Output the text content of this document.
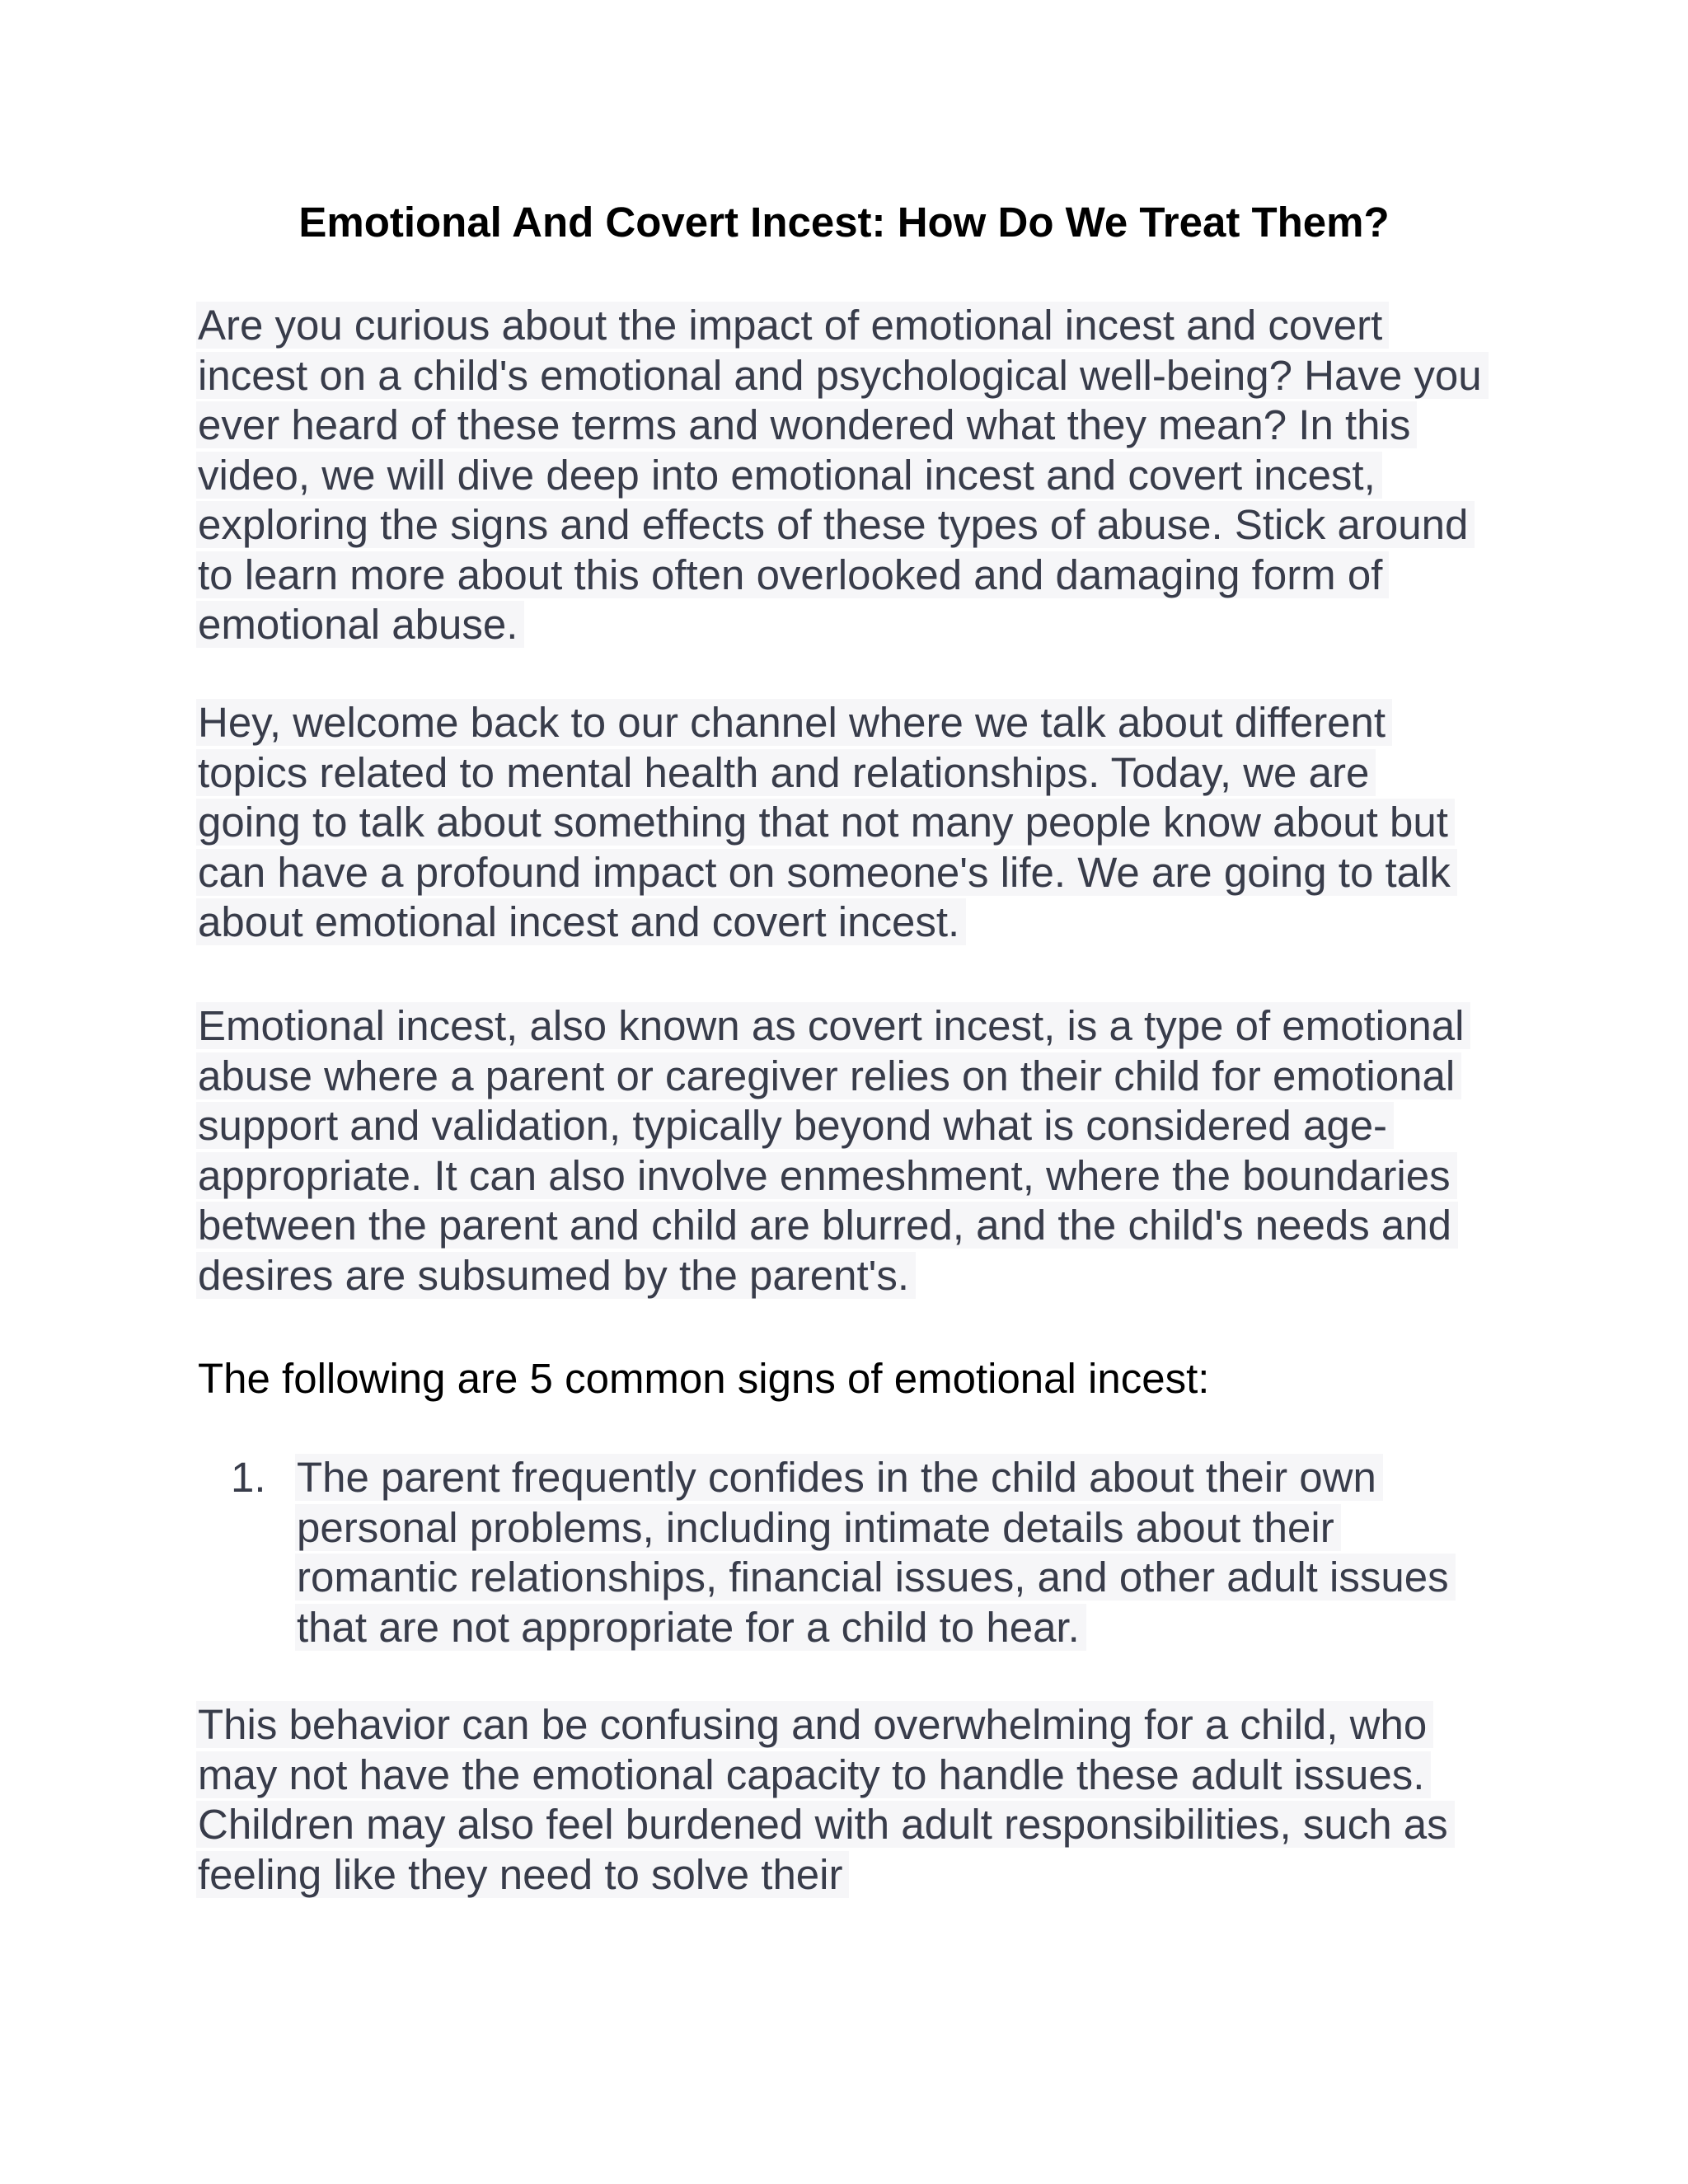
Emotional And Covert Incest: How Do We Treat Them?

Are you curious about the impact of emotional incest and covert incest on a child's emotional and psychological well-being? Have you ever heard of these terms and wondered what they mean? In this video, we will dive deep into emotional incest and covert incest, exploring the signs and effects of these types of abuse. Stick around to learn more about this often overlooked and damaging form of emotional abuse.

Hey, welcome back to our channel where we talk about different topics related to mental health and relationships. Today, we are going to talk about something that not many people know about but can have a profound impact on someone's life. We are going to talk about emotional incest and covert incest.

Emotional incest, also known as covert incest, is a type of emotional abuse where a parent or caregiver relies on their child for emotional support and validation, typically beyond what is considered age-appropriate. It can also involve enmeshment, where the boundaries between the parent and child are blurred, and the child's needs and desires are subsumed by the parent's.

The following are 5 common signs of emotional incest:

1. The parent frequently confides in the child about their own personal problems, including intimate details about their romantic relationships, financial issues, and other adult issues that are not appropriate for a child to hear.

This behavior can be confusing and overwhelming for a child, who may not have the emotional capacity to handle these adult issues. Children may also feel burdened with adult responsibilities, such as feeling like they need to solve their
